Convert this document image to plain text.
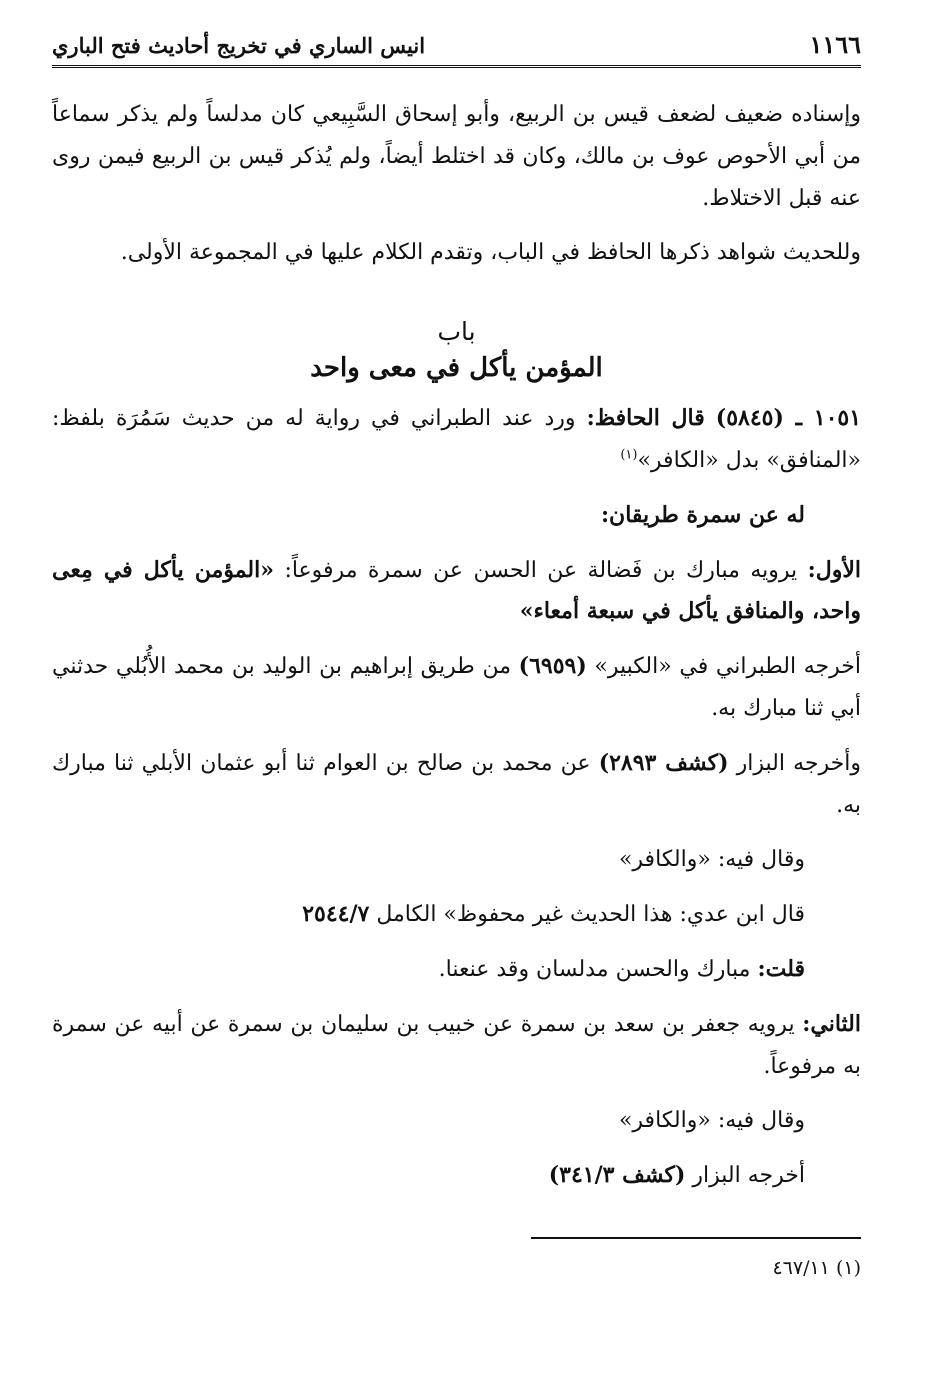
١١٦٦
انيس الساري في تخريج أحاديث فتح الباري

وإسناده ضعيف لضعف قيس بن الربيع، وأبو إسحاق السَّبِيعي كان مدلساً ولم يذكر سماعاً من أبي الأحوص عوف بن مالك، وكان قد اختلط أيضاً، ولم يُذكر قيس بن الربيع فيمن روى عنه قبل الاختلاط.

وللحديث شواهد ذكرها الحافظ في الباب، وتقدم الكلام عليها في المجموعة الأولى.

باب
المؤمن يأكل في معى واحد

١٠٥١ ـ (٥٨٤٥) قال الحافظ: ورد عند الطبراني في رواية له من حديث سَمُرَة بلفظ: «المنافق» بدل «الكافر»$^{(١)}$

له عن سمرة طريقان:

الأول: يرويه مبارك بن فَضالة عن الحسن عن سمرة مرفوعاً: «المؤمن يأكل في مِعى واحد، والمنافق يأكل في سبعة أمعاء»

أخرجه الطبراني في «الكبير» (٦٩٥٩) من طريق إبراهيم بن الوليد بن محمد الأُبُلي حدثني أبي ثنا مبارك به.

وأخرجه البزار (كشف ٢٨٩٣) عن محمد بن صالح بن العوام ثنا أبو عثمان الأبلي ثنا مبارك به.

وقال فيه: «والكافر»

قال ابن عدي: هذا الحديث غير محفوظ» الكامل ٢٥٤٤/٧

قلت: مبارك والحسن مدلسان وقد عنعنا.

الثاني: يرويه جعفر بن سعد بن سمرة عن خبيب بن سليمان بن سمرة عن أبيه عن سمرة به مرفوعاً.

وقال فيه: «والكافر»

أخرجه البزار (كشف ٣٤١/٣)

(١) ٤٦٧/١١
